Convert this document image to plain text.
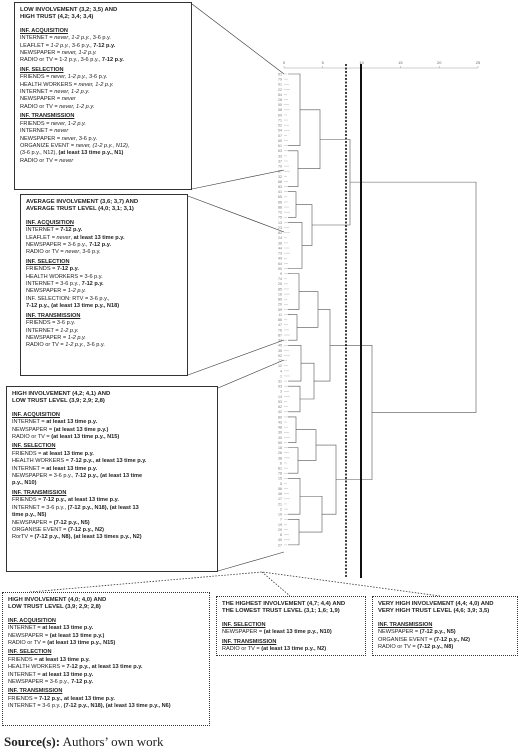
0	5	10	15	20	25
51
79
91
22
84
28
55
58
69
71
52
54
57
60
61
63
33
37
70
67
32
68
83
41
65
66
88
72
75
13
23
82
24
36
44
73
49
64
90
9
74
25
85
16
89
20
59
11
86
47
76
87
34
45
35
92
77
12
4
1
31
93
3
14
53
62
42
80
43
48
39
30
50
18
26
38
6
81
78
15
5
56
46
17
21
2
10
7
19
29
8
40
27
LOW INVOLVEMENT (3,2; 3,5) AND
HIGH TRUST (4,2; 3,4; 3,4)
INF. ACQUISITION
INTERNET = never, 1-2 p.y., 3-6 p.y.
LEAFLET = 1-2 p.y., 3-6 p.y., 7-12 p.y.
NEWSPAPER = never, 1-2 p.y.
RADIO or TV = 1-2 p.y., 3-6 p.y., 7-12 p.y.
INF. SELECTION
FRIENDS = never, 1-2 p.y., 3-6 p.y.
HEALTH WORKERS = never, 1-2 p.y.
INTERNET = never, 1-2 p.y.
NEWSPAPER = never
RADIO or TV = never, 1-2 p.y.
INF. TRANSMISSION
FRIENDS = never, 1-2 p.y.
INTERNET = never
NEWSPAPER = never, 3-6 p.y.
ORGANIZE EVENT = never, (1-2 p.y., N12),
(3-6 p.y., N12), (at least 13 time p.y., N1)
RADIO or TV = never
AVERAGE INVOLVEMENT (3,6; 3,7) AND
AVERAGE TRUST LEVEL (4,0; 3,1; 3,1)
INF. ACQUISITION
INTERNET = 7-12 p.y.
LEAFLET = never, at least 13 time p.y.
NEWSPAPER = 3-6 p.y., 7-12 p.y.
RADIO or TV = never, 3-6 p.y.
INF. SELECTION
FRIENDS = 7-12 p.y.
HEALTH WORKERS = 3-6 p.y.
INTERNET = 3-6 p.y., 7-12 p.y.
NEWSPAPER = 1-2 p.y.
INF. SELECTION: RTV = 3-6 p.y.,
7-12 p.y., (at least 13 time p.y., N18)
INF. TRANSMISSION
FRIENDS = 3-6 p.y.
INTERNET = 1-2 p.y.
NEWSPAPER = 1-2 p.y.
RADIO or TV = 1-2 p.y., 3-6 p.y.
HIGH INVOLVEMENT (4,2; 4,1) AND
LOW TRUST LEVEL (3,9; 2,9; 2,8)
INF. ACQUISITION
INTERNET = at least 13 time p.y.
NEWSPAPER = (at least 13 time p.y.)
RADIO or TV = (at least 13 time p.y., N15)
INF. SELECTION
FRIENDS = at least 13 time p.y.
HEALTH WORKERS = 7-12 p.y., at least 13 time p.y.
INTERNET = at least 13 time p.y.
NEWSPAPER = 3-6 p.y., 7-12 p.y., (at least 13 time
p.y., N10)
INF. TRANSMISSION
FRIENDS = 7-12 p.y., at least 13 time p.y.
INTERNET = 3-6 p.y., (7-12 p.y., N18), (at least 13
time p.y., N5)
NEWSPAPER = (7-12 p.y., N5)
ORGANISE EVENT = (7-12 p.y., N2)
RorTV = (7-12 p.y., N8), (at least 13 times p.y., N2)
HIGH INVOLVEMENT (4,0; 4,0) AND
LOW TRUST LEVEL (3,9; 2,9; 2,8)
INF. ACQUISITION
INTERNET = at least 13 time p.y.
NEWSPAPER = (at least 13 time p.y.)
RADIO or TV = (at least 13 time p.y., N15)
INF. SELECTION
FRIENDS = at least 13 time p.y.
HEALTH WORKERS = 7-12 p.y., at least 13 time p.y.
INTERNET = at least 13 time p.y.
NEWSPAPER = 3-6 p.y., 7-12 p.y.
INF. TRANSMISSION
FRIENDS = 7-12 p.y., at least 13 time p.y.
INTERNET = 3-6 p.y., (7-12 p.y., N18), (at least 13 time p.y., N6)
THE HIGHEST INVOLVEMENT (4,7; 4,4) AND
THE LOWEST TRUST LEVEL (3,1; 1,6; 1,9)
INF. SELECTION
NEWSPAPER = (at least 13 time p.y., N10)
INF. TRANSMISSION
RADIO or TV = (at least 13 time p.y., N2)
VERY HIGH INVOLVEMENT (4,4; 4,0) AND
VERY HIGH TRUST LEVEL (4,6; 3,9; 3,5)
INF. TRANSMISSION
NEWSPAPER = (7-12 p.y., N5)
ORGANISE EVENT = (7-12 p.y., N2)
RADIO or TV = (7-12 p.y., N8)
Source(s): Authors’ own work
